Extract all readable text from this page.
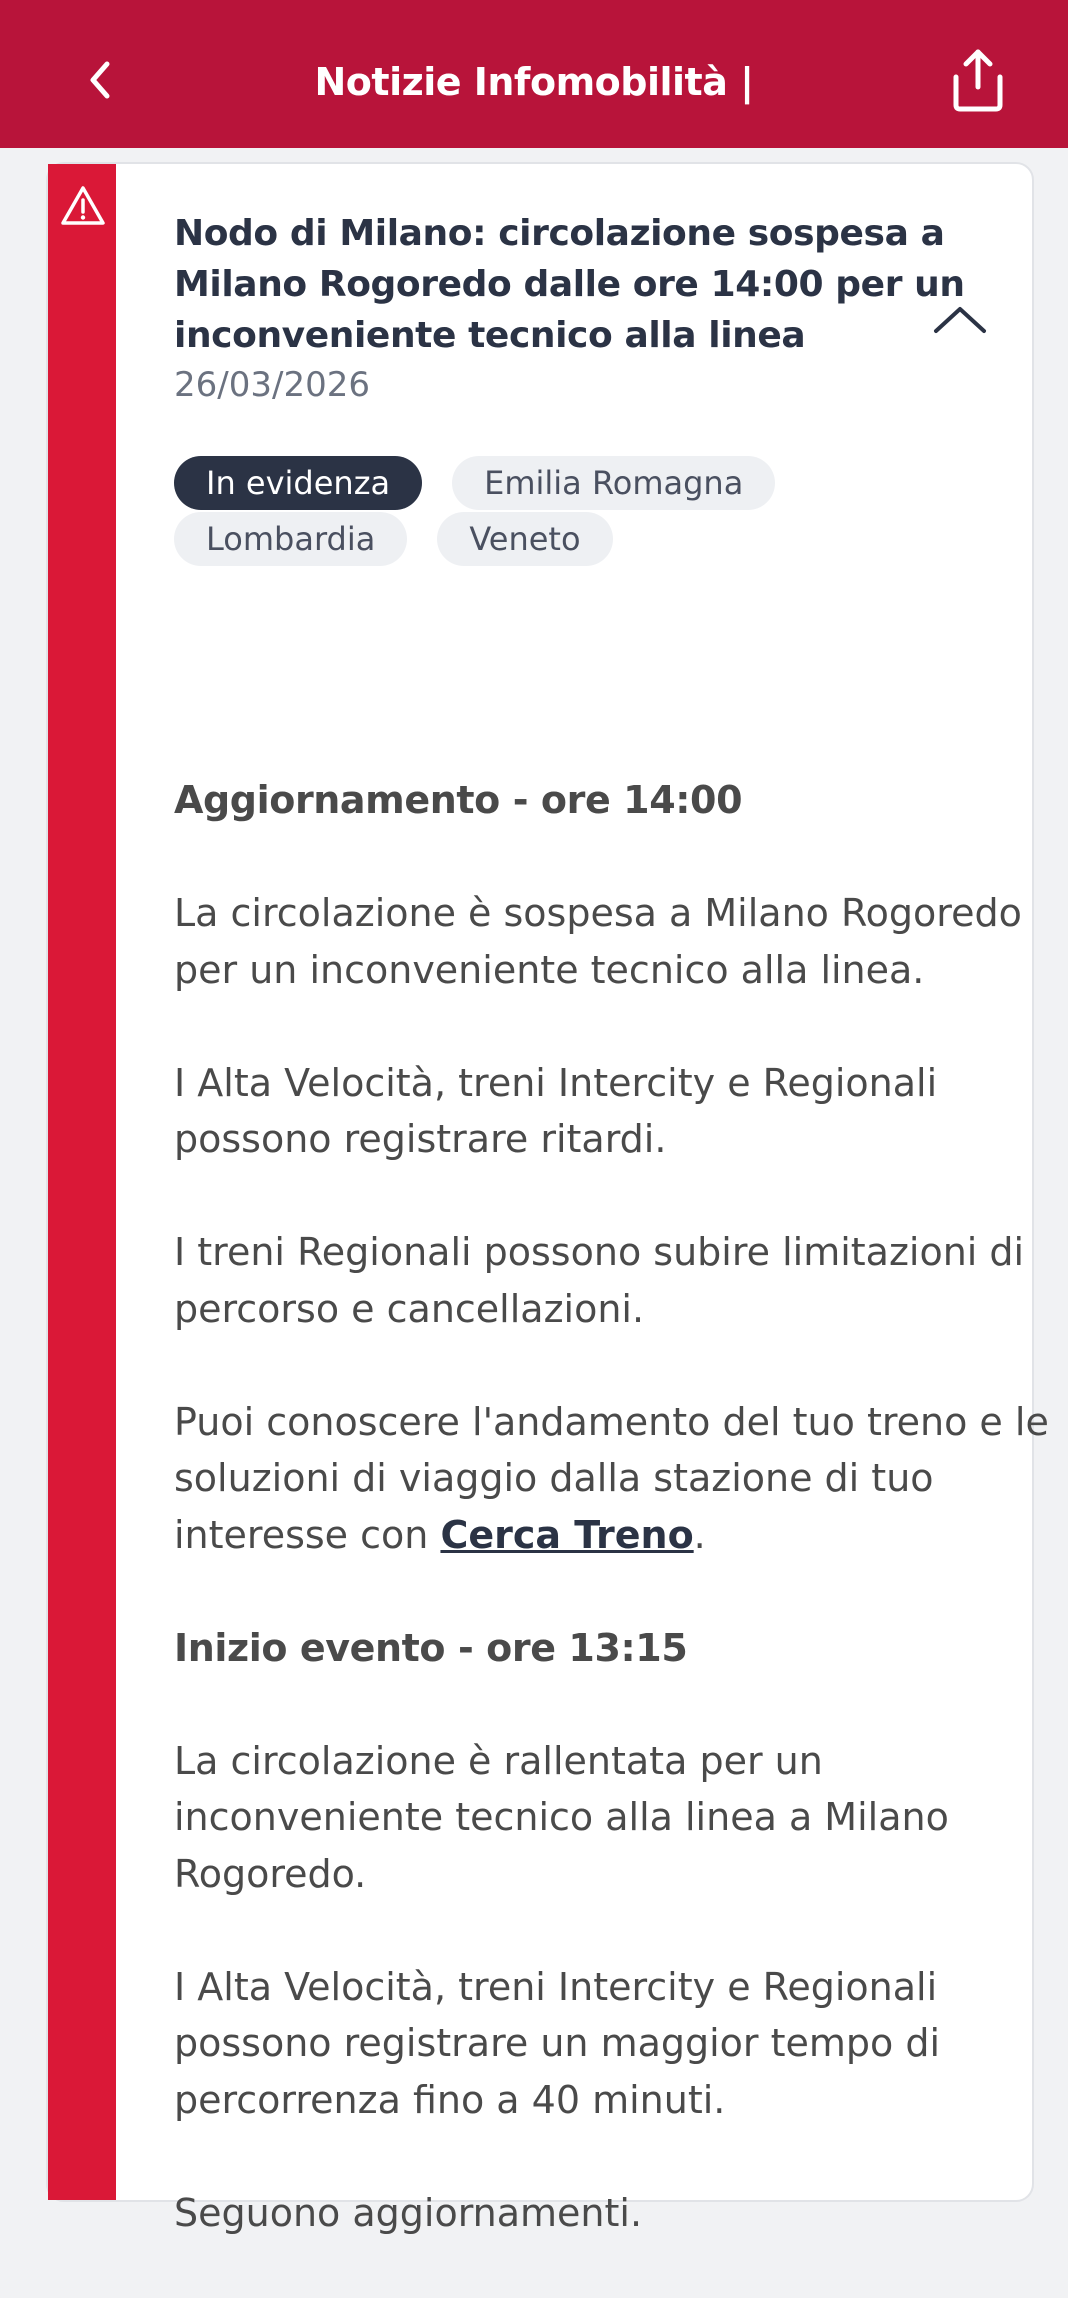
Notizie Infomobilità |
Nodo di Milano: circolazione sospesa a Milano Rogoredo dalle ore 14:00 per un inconveniente tecnico alla linea
26/03/2026
In evidenza	Emilia Romagna
Lombardia	Veneto

Aggiornamento - ore 14:00

La circolazione è sospesa a Milano Rogoredo per un inconveniente tecnico alla linea.

I Alta Velocità, treni Intercity e Regionali possono registrare ritardi.

I treni Regionali possono subire limitazioni di percorso e cancellazioni.

Puoi conoscere l'andamento del tuo treno e le soluzioni di viaggio dalla stazione di tuo interesse con Cerca Treno.

Inizio evento - ore 13:15

La circolazione è rallentata per un inconveniente tecnico alla linea a Milano Rogoredo.

I Alta Velocità, treni Intercity e Regionali possono registrare un maggior tempo di percorrenza fino a 40 minuti.

Seguono aggiornamenti.
